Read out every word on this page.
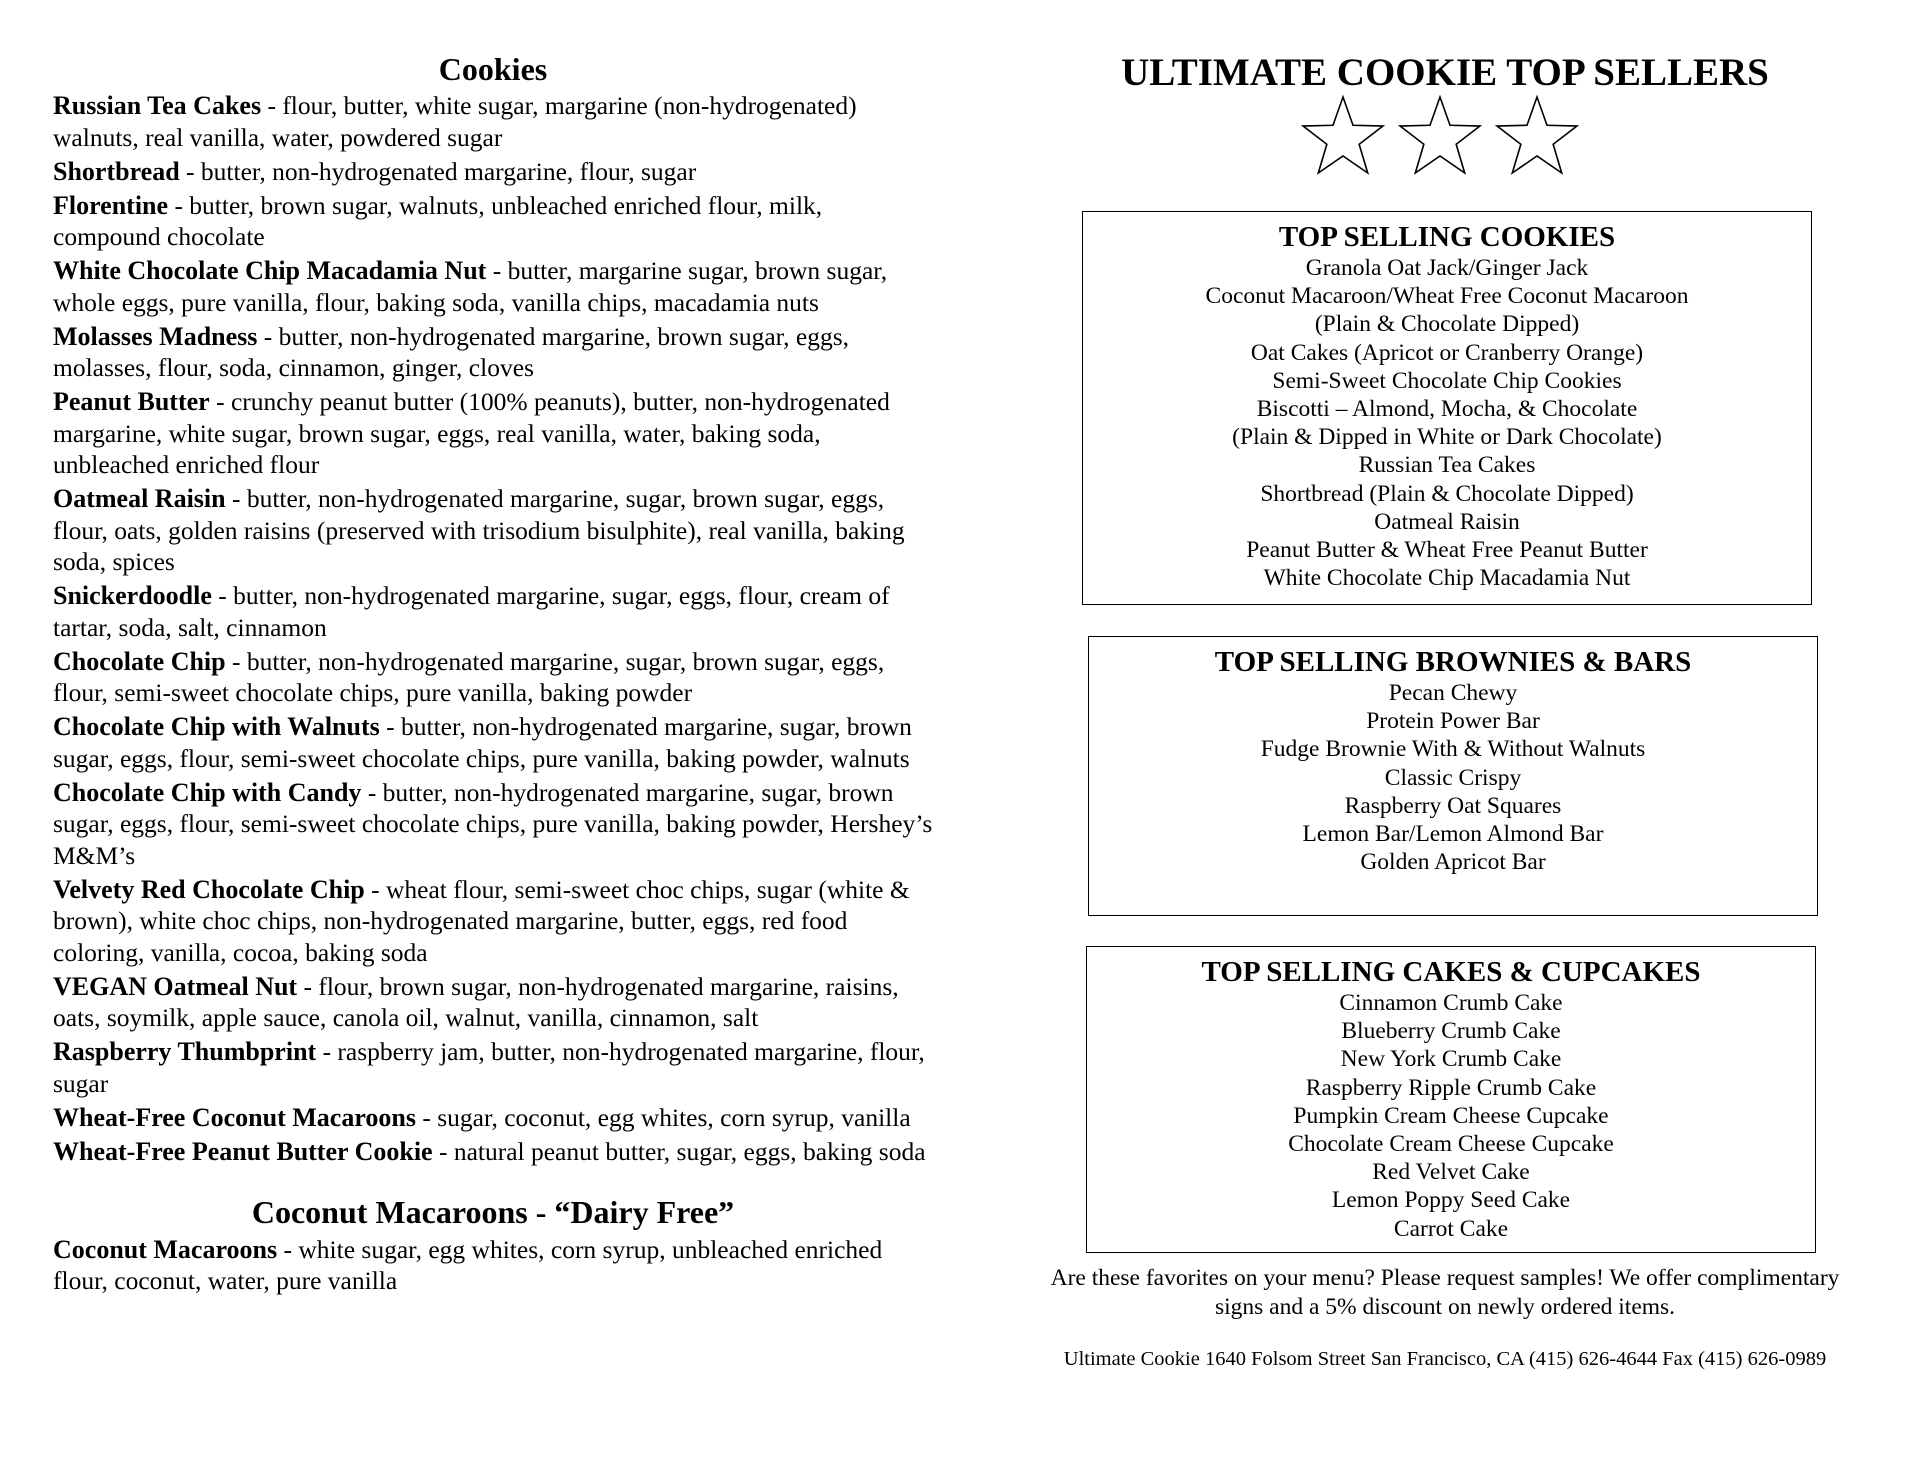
Cookies
Russian Tea Cakes - flour, butter, white sugar, margarine (non-hydrogenated) walnuts, real vanilla, water, powdered sugar
Shortbread - butter, non-hydrogenated margarine, flour, sugar
Florentine - butter, brown sugar, walnuts, unbleached enriched flour, milk, compound chocolate
White Chocolate Chip Macadamia Nut - butter, margarine sugar, brown sugar, whole eggs, pure vanilla, flour, baking soda, vanilla chips, macadamia nuts
Molasses Madness - butter, non-hydrogenated margarine, brown sugar, eggs, molasses, flour, soda, cinnamon, ginger, cloves
Peanut Butter - crunchy peanut butter (100% peanuts), butter, non-hydrogenated margarine, white sugar, brown sugar, eggs, real vanilla, water, baking soda, unbleached enriched flour
Oatmeal Raisin - butter, non-hydrogenated margarine, sugar, brown sugar, eggs, flour, oats, golden raisins (preserved with trisodium bisulphite), real vanilla, baking soda, spices
Snickerdoodle - butter, non-hydrogenated margarine, sugar, eggs, flour, cream of tartar, soda, salt, cinnamon
Chocolate Chip - butter, non-hydrogenated margarine, sugar, brown sugar, eggs, flour, semi-sweet chocolate chips, pure vanilla, baking powder
Chocolate Chip with Walnuts - butter, non-hydrogenated margarine, sugar, brown sugar, eggs, flour, semi-sweet chocolate chips, pure vanilla, baking powder, walnuts
Chocolate Chip with Candy - butter, non-hydrogenated margarine, sugar, brown sugar, eggs, flour, semi-sweet chocolate chips, pure vanilla, baking powder, Hershey’s M&M’s
Velvety Red Chocolate Chip - wheat flour, semi-sweet choc chips, sugar (white & brown), white choc chips, non-hydrogenated margarine, butter, eggs, red food coloring, vanilla, cocoa, baking soda
VEGAN Oatmeal Nut - flour, brown sugar, non-hydrogenated margarine, raisins, oats, soymilk, apple sauce, canola oil, walnut, vanilla, cinnamon, salt
Raspberry Thumbprint - raspberry jam, butter, non-hydrogenated margarine, flour, sugar
Wheat-Free Coconut Macaroons - sugar, coconut, egg whites, corn syrup, vanilla
Wheat-Free Peanut Butter Cookie - natural peanut butter, sugar, eggs, baking soda
Coconut Macaroons - “Dairy Free”
Coconut Macaroons - white sugar, egg whites, corn syrup, unbleached enriched flour, coconut, water, pure vanilla
ULTIMATE COOKIE TOP SELLERS
TOP SELLING COOKIES
Granola Oat Jack/Ginger Jack
Coconut Macaroon/Wheat Free Coconut Macaroon
(Plain & Chocolate Dipped)
Oat Cakes (Apricot or Cranberry Orange)
Semi-Sweet Chocolate Chip Cookies
Biscotti – Almond, Mocha, & Chocolate
(Plain & Dipped in White or Dark Chocolate)
Russian Tea Cakes
Shortbread (Plain & Chocolate Dipped)
Oatmeal Raisin
Peanut Butter & Wheat Free Peanut Butter
White Chocolate Chip Macadamia Nut
TOP SELLING BROWNIES & BARS
Pecan Chewy
Protein Power Bar
Fudge Brownie With & Without Walnuts
Classic Crispy
Raspberry Oat Squares
Lemon Bar/Lemon Almond Bar
Golden Apricot Bar
TOP SELLING CAKES & CUPCAKES
Cinnamon Crumb Cake
Blueberry Crumb Cake
New York Crumb Cake
Raspberry Ripple Crumb Cake
Pumpkin Cream Cheese Cupcake
Chocolate Cream Cheese Cupcake
Red Velvet Cake
Lemon Poppy Seed Cake
Carrot Cake
Are these favorites on your menu? Please request samples! We offer complimentary signs and a 5% discount on newly ordered items.
Ultimate Cookie 1640 Folsom Street San Francisco, CA (415) 626-4644 Fax (415) 626-0989
